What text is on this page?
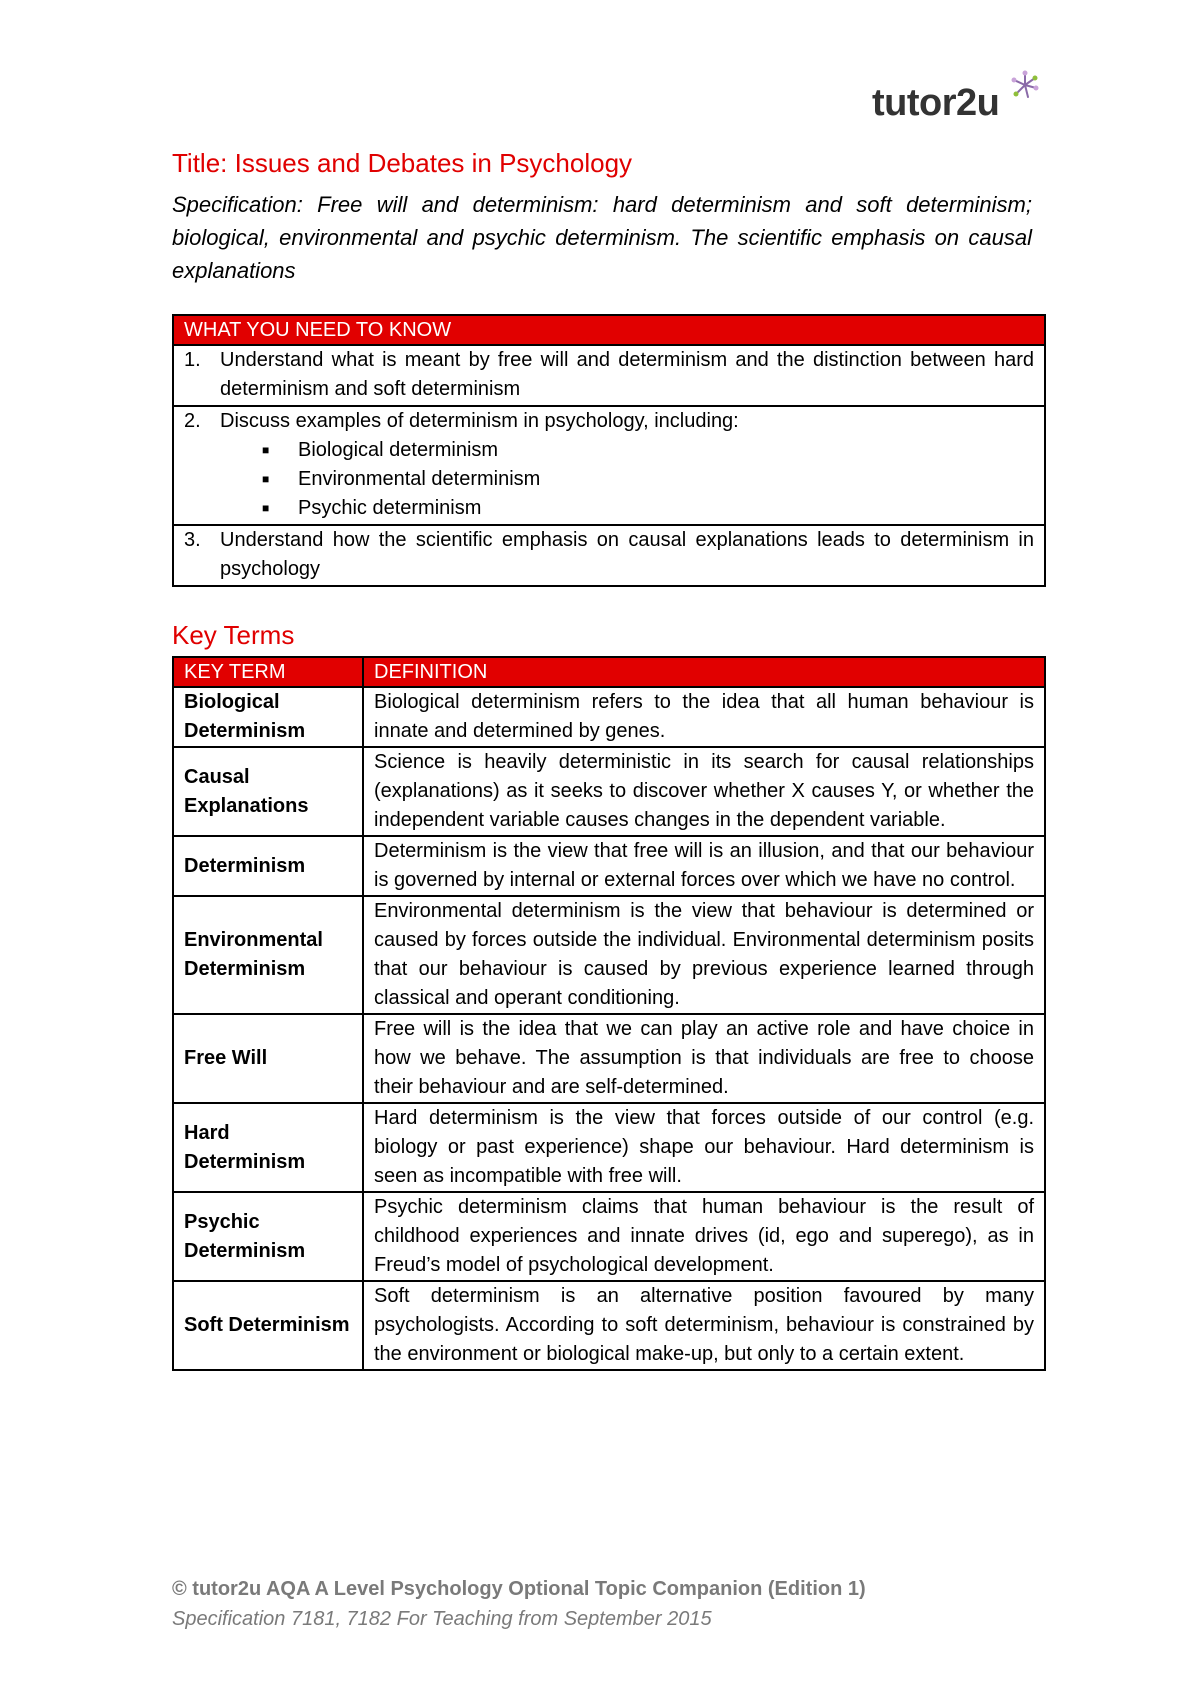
tutor2u
Title: Issues and Debates in Psychology
Specification: Free will and determinism: hard determinism and soft determinism; biological, environmental and psychic determinism. The scientific emphasis on causal explanations
WHAT YOU NEED TO KNOW

1. Understand what is meant by free will and determinism and the distinction between hard determinism and soft determinism

2. Discuss examples of determinism in psychology, including:
■	Biological determinism
■	Environmental determinism
■	Psychic determinism

3. Understand how the scientific emphasis on causal explanations leads to determinism in psychology
Key Terms
KEY TERM	DEFINITION
Biological Determinism	Biological determinism refers to the idea that all human behaviour is innate and determined by genes.
Causal Explanations	Science is heavily deterministic in its search for causal relationships (explanations) as it seeks to discover whether X causes Y, or whether the independent variable causes changes in the dependent variable.
Determinism	Determinism is the view that free will is an illusion, and that our behaviour is governed by internal or external forces over which we have no control.
Environmental Determinism	Environmental determinism is the view that behaviour is determined or caused by forces outside the individual. Environmental determinism posits that our behaviour is caused by previous experience learned through classical and operant conditioning.
Free Will	Free will is the idea that we can play an active role and have choice in how we behave. The assumption is that individuals are free to choose their behaviour and are self-determined.
Hard Determinism	Hard determinism is the view that forces outside of our control (e.g. biology or past experience) shape our behaviour. Hard determinism is seen as incompatible with free will.
Psychic Determinism	Psychic determinism claims that human behaviour is the result of childhood experiences and innate drives (id, ego and superego), as in Freud’s model of psychological development.
Soft Determinism	Soft determinism is an alternative position favoured by many psychologists. According to soft determinism, behaviour is constrained by the environment or biological make-up, but only to a certain extent.
© tutor2u AQA A Level Psychology Optional Topic Companion (Edition 1)
Specification 7181, 7182 For Teaching from September 2015
